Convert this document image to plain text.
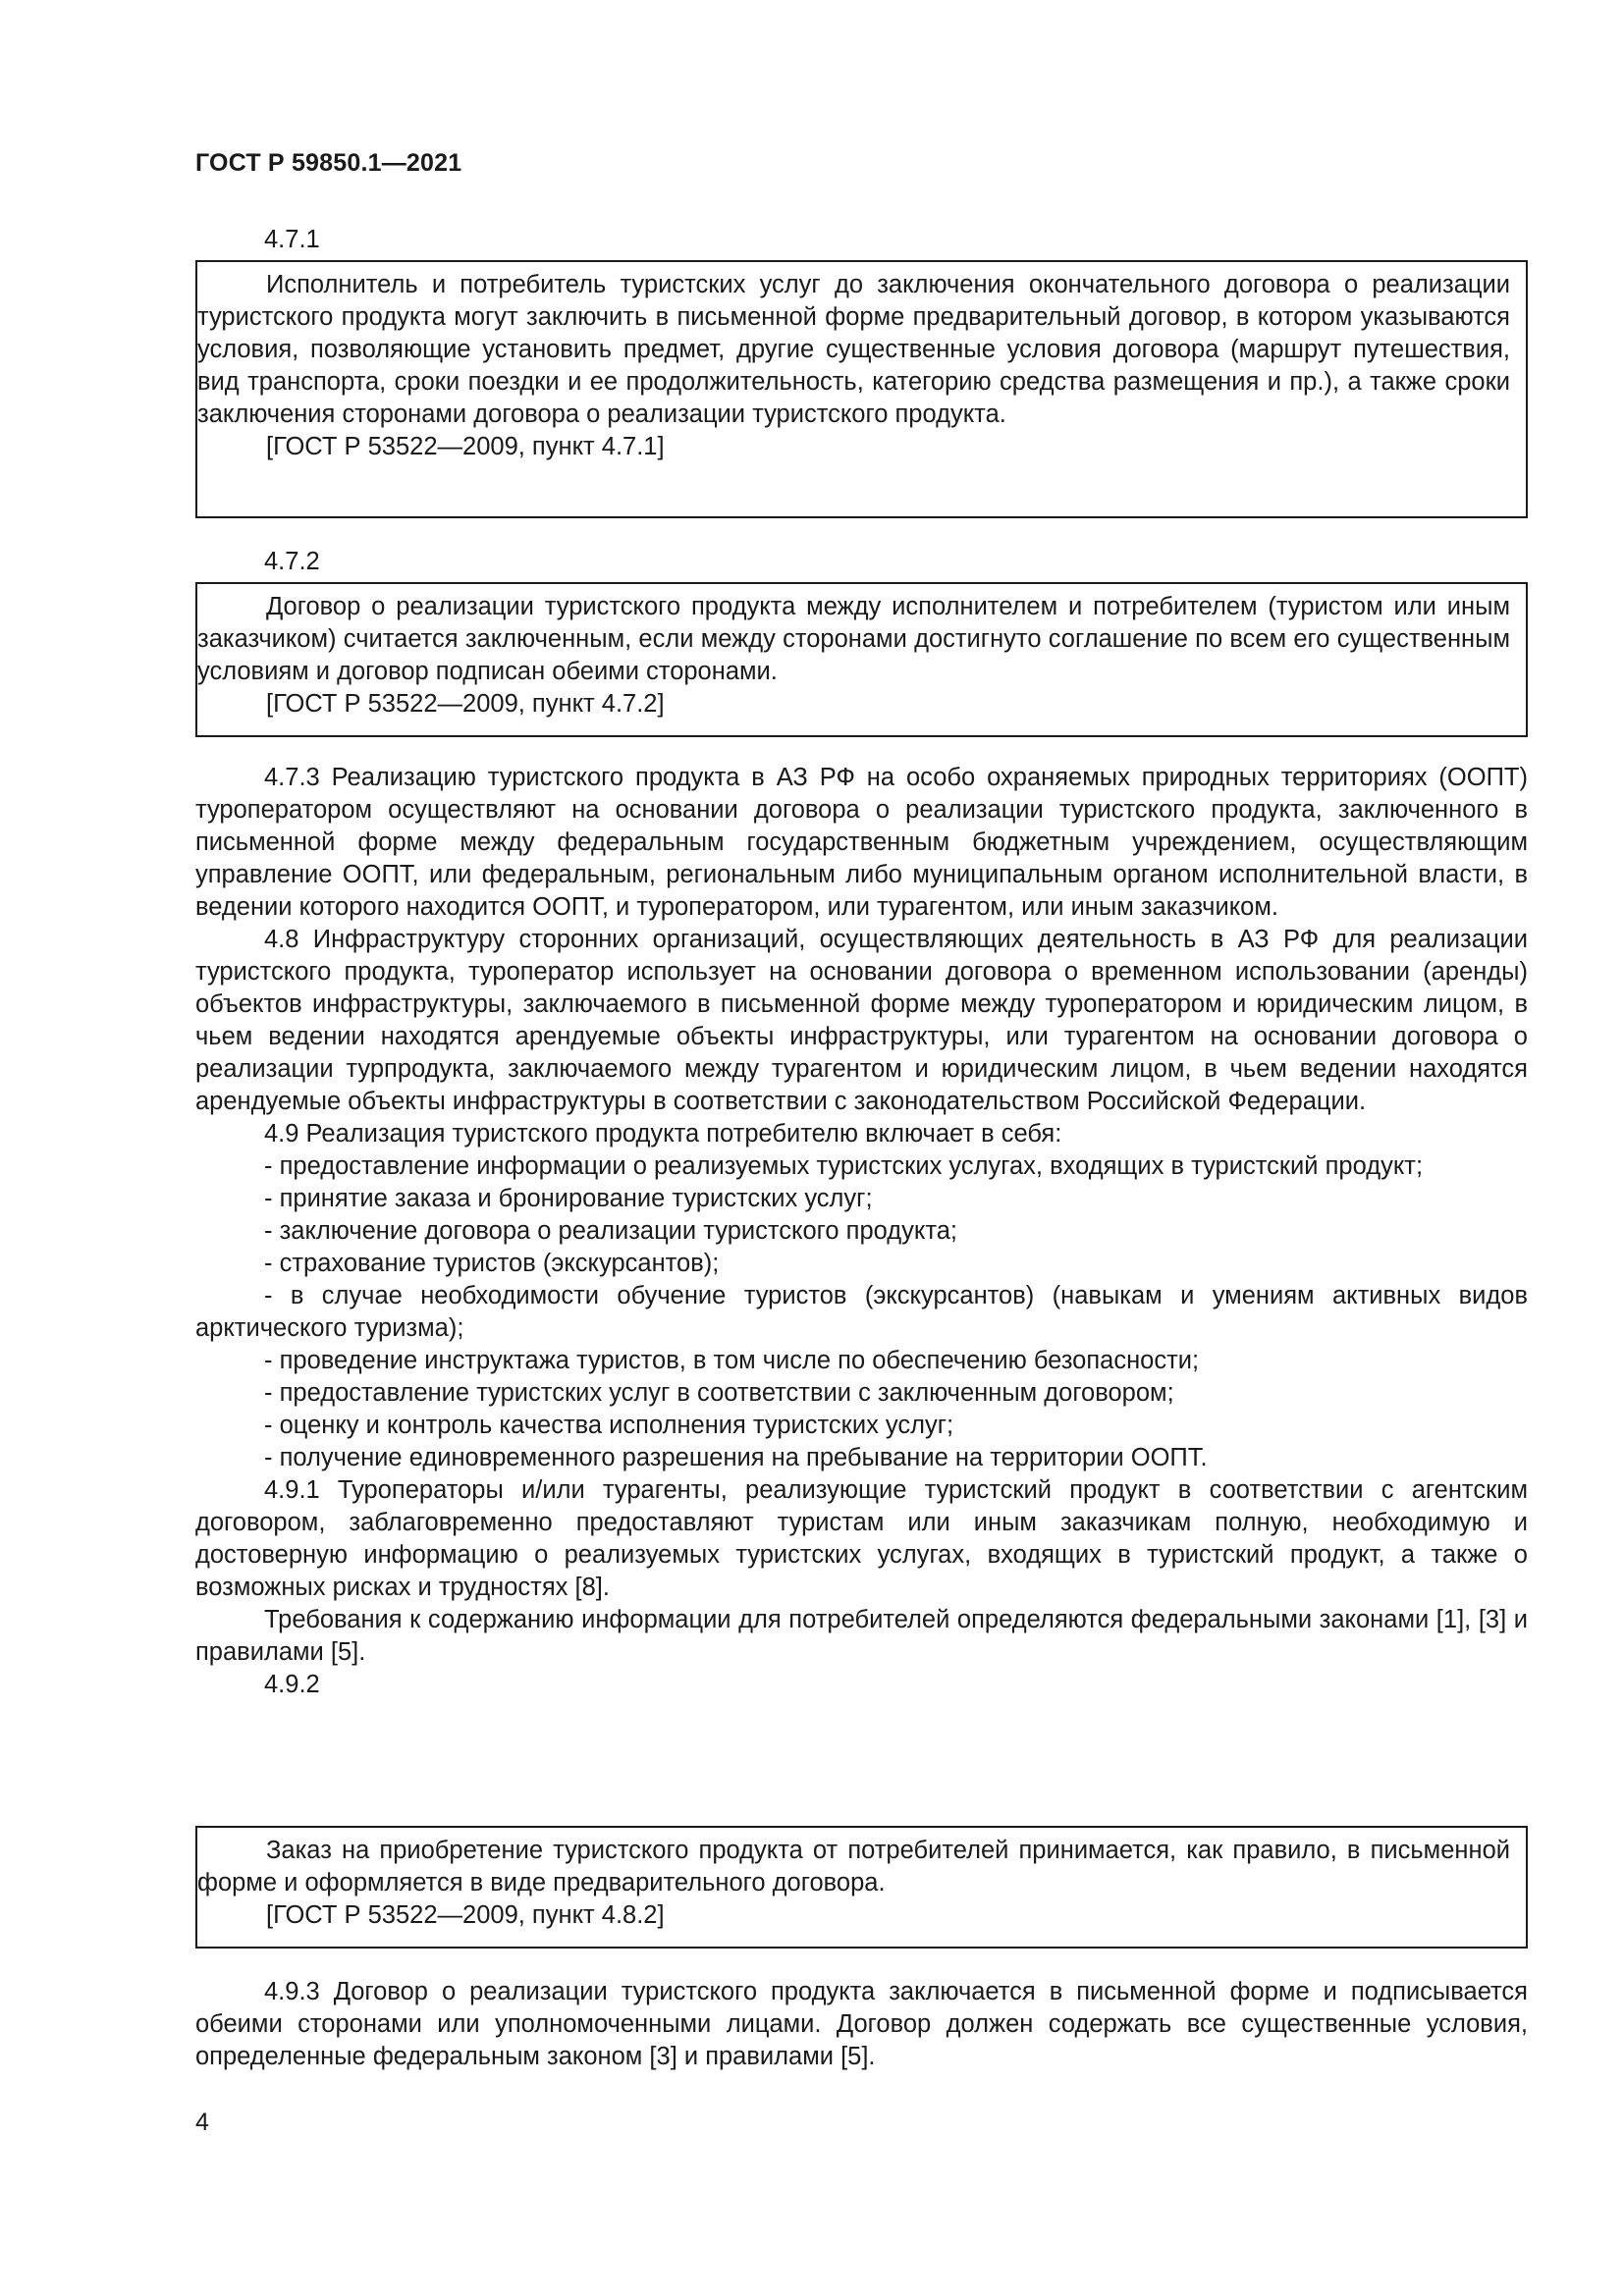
ГОСТ Р 59850.1—2021

4.7.1

Исполнитель и потребитель туристских услуг до заключения окончательного договора о реализации туристского продукта могут заключить в письменной форме предварительный договор, в котором указываются условия, позволяющие установить предмет, другие существенные условия договора (маршрут путешествия, вид транспорта, сроки поездки и ее продолжительность, категорию средства размещения и пр.), а также сроки заключения сторонами договора о реализации туристского продукта.

[ГОСТ Р 53522—2009, пункт 4.7.1]

4.7.2

Договор о реализации туристского продукта между исполнителем и потребителем (туристом или иным заказчиком) считается заключенным, если между сторонами достигнуто соглашение по всем его существенным условиям и договор подписан обеими сторонами.

[ГОСТ Р 53522—2009, пункт 4.7.2]

4.7.3 Реализацию туристского продукта в АЗ РФ на особо охраняемых природных территориях (ООПТ) туроператором осуществляют на основании договора о реализации туристского продукта, заключенного в письменной форме между федеральным государственным бюджетным учреждением, осуществляющим управление ООПТ, или федеральным, региональным либо муниципальным органом исполнительной власти, в ведении которого находится ООПТ, и туроператором, или турагентом, или иным заказчиком.

4.8 Инфраструктуру сторонних организаций, осуществляющих деятельность в АЗ РФ для реализации туристского продукта, туроператор использует на основании договора о временном использовании (аренды) объектов инфраструктуры, заключаемого в письменной форме между туроператором и юридическим лицом, в чьем ведении находятся арендуемые объекты инфраструктуры, или турагентом на основании договора о реализации турпродукта, заключаемого между турагентом и юридическим лицом, в чьем ведении находятся арендуемые объекты инфраструктуры в соответствии с законодательством Российской Федерации.

4.9 Реализация туристского продукта потребителю включает в себя:

- предоставление информации о реализуемых туристских услугах, входящих в туристский продукт;

- принятие заказа и бронирование туристских услуг;

- заключение договора о реализации туристского продукта;

- страхование туристов (экскурсантов);

- в случае необходимости обучение туристов (экскурсантов) (навыкам и умениям активных видов арктического туризма);

- проведение инструктажа туристов, в том числе по обеспечению безопасности;

- предоставление туристских услуг в соответствии с заключенным договором;

- оценку и контроль качества исполнения туристских услуг;

- получение единовременного разрешения на пребывание на территории ООПТ.

4.9.1 Туроператоры и/или турагенты, реализующие туристский продукт в соответствии с агентским договором, заблаговременно предоставляют туристам или иным заказчикам полную, необходимую и достоверную информацию о реализуемых туристских услугах, входящих в туристский продукт, а также о возможных рисках и трудностях [8].

Требования к содержанию информации для потребителей определяются федеральными законами [1], [3] и правилами [5].

4.9.2

Заказ на приобретение туристского продукта от потребителей принимается, как правило, в письменной форме и оформляется в виде предварительного договора.

[ГОСТ Р 53522—2009, пункт 4.8.2]

4.9.3 Договор о реализации туристского продукта заключается в письменной форме и подписывается обеими сторонами или уполномоченными лицами. Договор должен содержать все существенные условия, определенные федеральным законом [3] и правилами [5].

4
